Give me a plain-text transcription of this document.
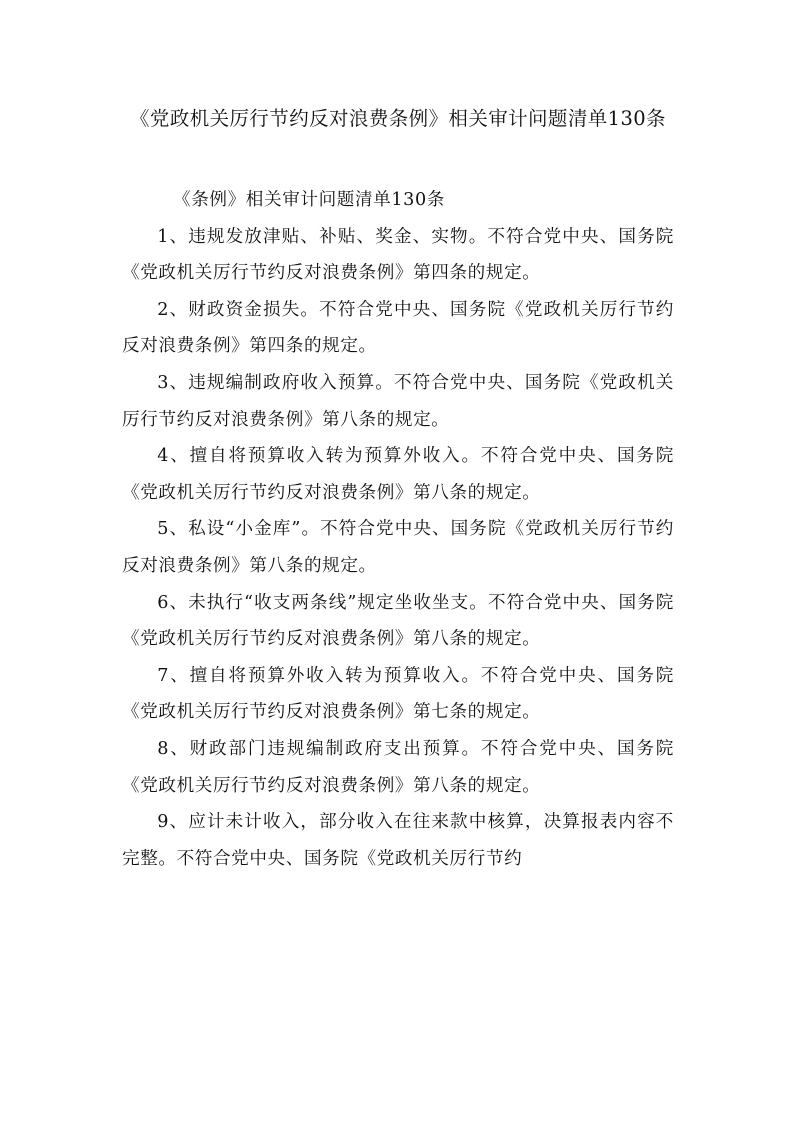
《党政机关厉行节约反对浪费条例》相关审计问题清单130条

《条例》相关审计问题清单130条

1、违规发放津贴、补贴、奖金、实物。不符合党中央、国务院《党政机关厉行节约反对浪费条例》第四条的规定。

2、财政资金损失。不符合党中央、国务院《党政机关厉行节约反对浪费条例》第四条的规定。

3、违规编制政府收入预算。不符合党中央、国务院《党政机关厉行节约反对浪费条例》第八条的规定。

4、擅自将预算收入转为预算外收入。不符合党中央、国务院《党政机关厉行节约反对浪费条例》第八条的规定。

5、私设“小金库”。不符合党中央、国务院《党政机关厉行节约反对浪费条例》第八条的规定。

6、未执行“收支两条线”规定坐收坐支。不符合党中央、国务院《党政机关厉行节约反对浪费条例》第八条的规定。

7、擅自将预算外收入转为预算收入。不符合党中央、国务院《党政机关厉行节约反对浪费条例》第七条的规定。

8、财政部门违规编制政府支出预算。不符合党中央、国务院《党政机关厉行节约反对浪费条例》第八条的规定。

9、应计未计收入，部分收入在往来款中核算，决算报表内容不完整。不符合党中央、国务院《党政机关厉行节约
